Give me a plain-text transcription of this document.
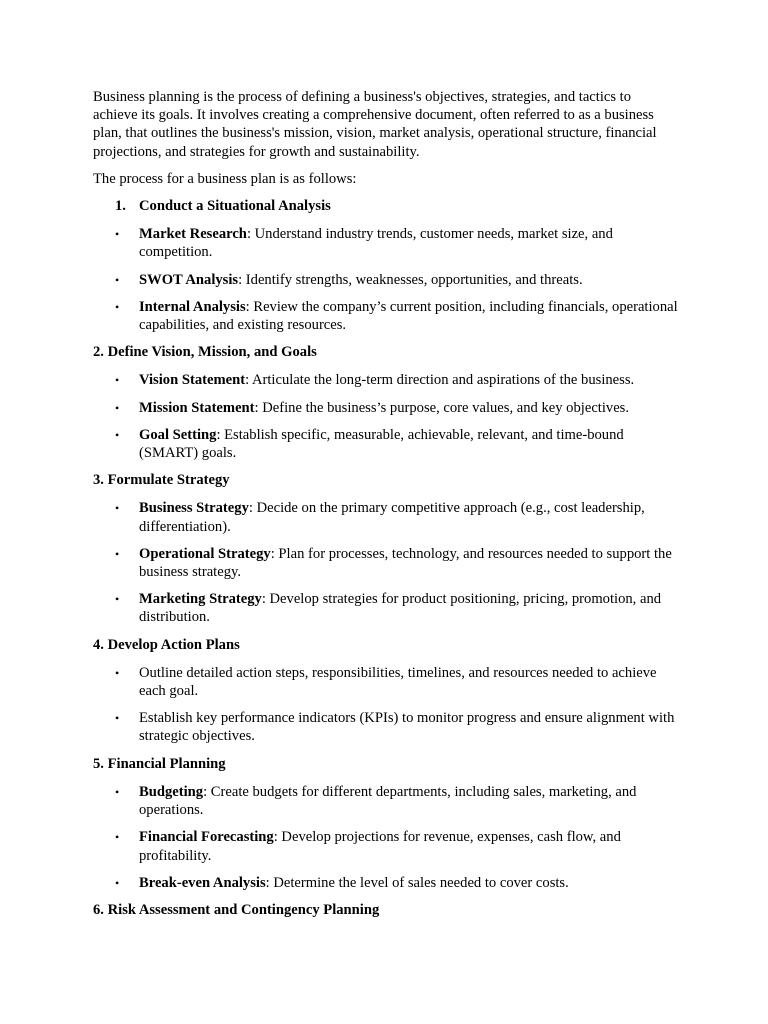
Business planning is the process of defining a business's objectives, strategies, and tactics to achieve its goals. It involves creating a comprehensive document, often referred to as a business plan, that outlines the business's mission, vision, market analysis, operational structure, financial projections, and strategies for growth and sustainability.

The process for a business plan is as follows:

1. Conduct a Situational Analysis
• Market Research: Understand industry trends, customer needs, market size, and competition.
• SWOT Analysis: Identify strengths, weaknesses, opportunities, and threats.
• Internal Analysis: Review the company’s current position, including financials, operational capabilities, and existing resources.
2. Define Vision, Mission, and Goals
• Vision Statement: Articulate the long-term direction and aspirations of the business.
• Mission Statement: Define the business’s purpose, core values, and key objectives.
• Goal Setting: Establish specific, measurable, achievable, relevant, and time-bound (SMART) goals.
3. Formulate Strategy
• Business Strategy: Decide on the primary competitive approach (e.g., cost leadership, differentiation).
• Operational Strategy: Plan for processes, technology, and resources needed to support the business strategy.
• Marketing Strategy: Develop strategies for product positioning, pricing, promotion, and distribution.
4. Develop Action Plans
• Outline detailed action steps, responsibilities, timelines, and resources needed to achieve each goal.
• Establish key performance indicators (KPIs) to monitor progress and ensure alignment with strategic objectives.
5. Financial Planning
• Budgeting: Create budgets for different departments, including sales, marketing, and operations.
• Financial Forecasting: Develop projections for revenue, expenses, cash flow, and profitability.
• Break-even Analysis: Determine the level of sales needed to cover costs.
6. Risk Assessment and Contingency Planning
